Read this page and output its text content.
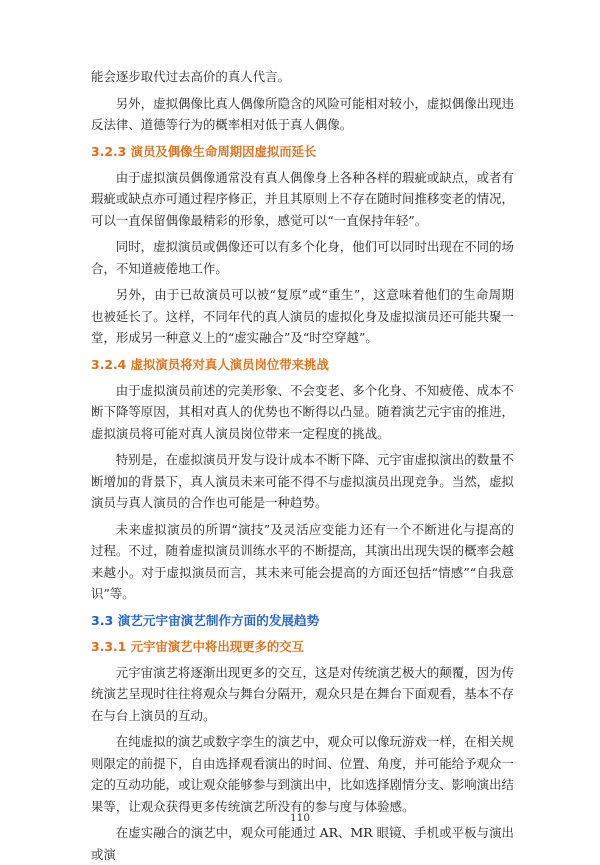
能会逐步取代过去高价的真人代言。

另外，虚拟偶像比真人偶像所隐含的风险可能相对较小，虚拟偶像出现违反法律、道德等行为的概率相对低于真人偶像。

3.2.3 演员及偶像生命周期因虚拟而延长

由于虚拟演员偶像通常没有真人偶像身上各种各样的瑕疵或缺点，或者有瑕疵或缺点亦可通过程序修正，并且其原则上不存在随时间推移变老的情况，可以一直保留偶像最精彩的形象，感觉可以“一直保持年轻”。

同时，虚拟演员或偶像还可以有多个化身，他们可以同时出现在不同的场合，不知道疲倦地工作。

另外，由于已故演员可以被“复原”或“重生”，这意味着他们的生命周期也被延长了。这样，不同年代的真人演员的虚拟化身及虚拟演员还可能共聚一堂，形成另一种意义上的“虚实融合”及“时空穿越”。

3.2.4 虚拟演员将对真人演员岗位带来挑战

由于虚拟演员前述的完美形象、不会变老、多个化身、不知疲倦、成本不断下降等原因，其相对真人的优势也不断得以凸显。随着演艺元宇宙的推进，虚拟演员将可能对真人演员岗位带来一定程度的挑战。

特别是，在虚拟演员开发与设计成本不断下降、元宇宙虚拟演出的数量不断增加的背景下，真人演员未来可能不得不与虚拟演员出现竞争。当然，虚拟演员与真人演员的合作也可能是一种趋势。

未来虚拟演员的所谓“演技”及灵活应变能力还有一个不断进化与提高的过程。不过，随着虚拟演员训练水平的不断提高，其演出出现失误的概率会越来越小。对于虚拟演员而言，其未来可能会提高的方面还包括“情感”“自我意识”等。

3.3 演艺元宇宙演艺制作方面的发展趋势
3.3.1 元宇宙演艺中将出现更多的交互

元宇宙演艺将逐渐出现更多的交互，这是对传统演艺极大的颠覆，因为传统演艺呈现时往往将观众与舞台分隔开，观众只是在舞台下面观看，基本不存在与台上演员的互动。

在纯虚拟的演艺或数字孪生的演艺中，观众可以像玩游戏一样，在相关规则限定的前提下，自由选择观看演出的时间、位置、角度，并可能给予观众一定的互动功能，或让观众能够参与到演出中，比如选择剧情分支、影响演出结果等，让观众获得更多传统演艺所没有的参与度与体验感。

在虚实融合的演艺中，观众可能通过 AR、MR 眼镜、手机或平板与演出或演

110
